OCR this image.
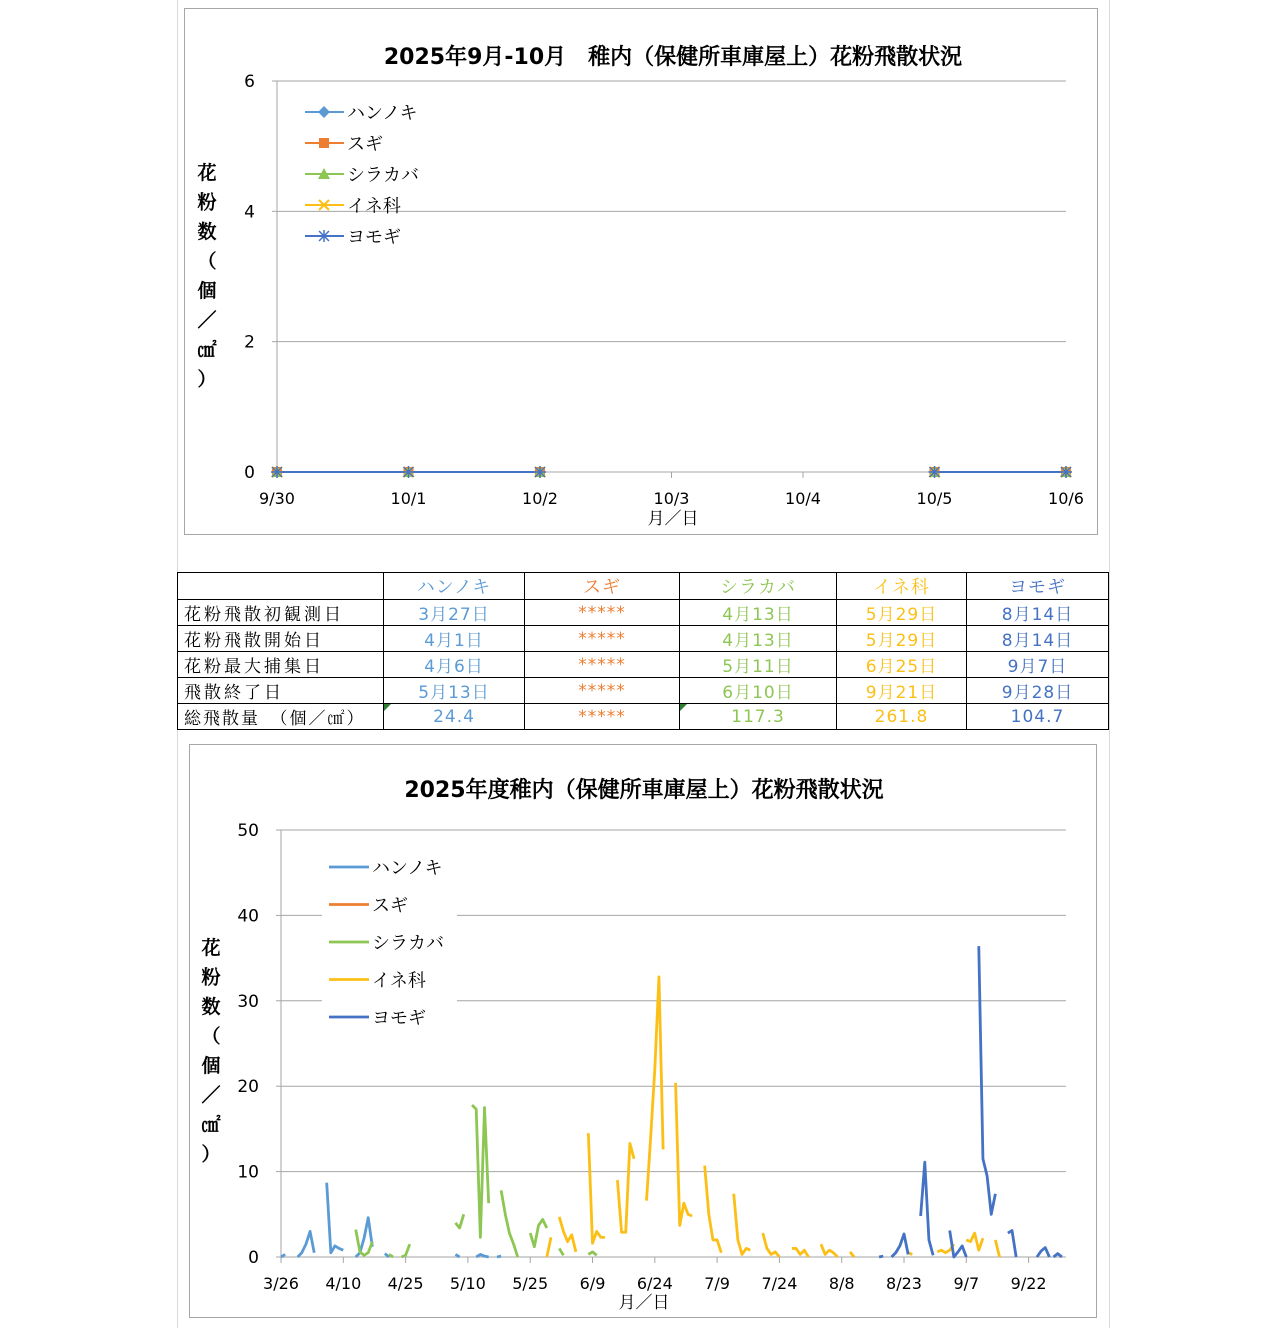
2025年9月-10月　稚内（保健所車庫屋上）花粉飛散状況
0
2
4
6
9/30	10/1	10/2	10/3	10/4	10/5	10/6
花
粉
数
（
個
／
㎠
）
ハンノキ
スギ
シラカバ
イネ科
ヨモギ
月／日
	ハンノキ	スギ	シラカバ	イネ科	ヨモギ
花粉飛散初観測日	3月27日	*****	4月13日	5月29日	8月14日
花粉飛散開始日	4月1日	*****	4月13日	5月29日	8月14日
花粉最大捕集日	4月6日	*****	5月11日	6月25日	9月7日
飛散終了日	5月13日	*****	6月10日	9月21日	9月28日
総飛散量　（個／㎠）	24.4	*****	117.3	261.8	104.7
2025年度稚内（保健所車庫屋上）花粉飛散状況
0
10
20
30
40
50
3/26 4/10 4/25 5/10 5/25 6/9 6/24 7/9 7/24 8/8 8/23 9/7 9/22
花
粉
数
（
個
／
㎠
）
ハンノキ
スギ
シラカバ
イネ科
ヨモギ
月／日
